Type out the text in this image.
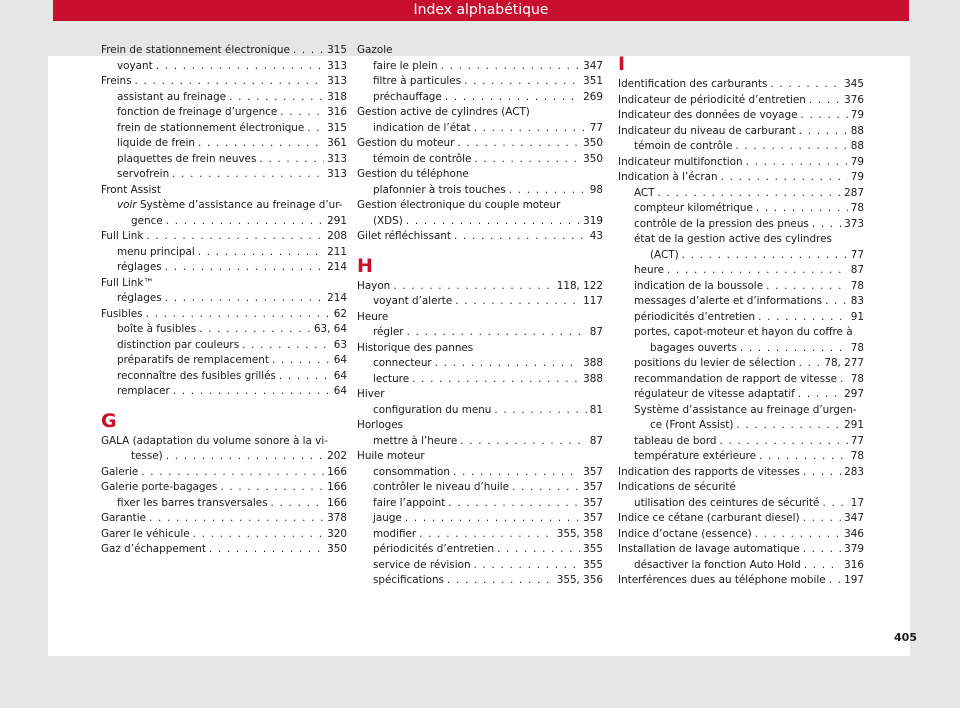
Index alphabétique
Frein de stationnement électronique . . .	315
voyant . . .	313
Freins . . .	313
assistant au freinage . . .	318
fonction de freinage d’urgence . . .	316
frein de stationnement électronique . . . 315
liquide de frein . . .	361
plaquettes de frein neuves . . .	313
servofrein . . .	313
Front Assist
voir Système d’assistance au freinage d’ur-
gence . . .	291
Full Link . . .	208
menu principal . . .	211
réglages . . .	214
Full Link™
réglages . . .	214
Fusibles . . .	62
boîte à fusibles . . .	63, 64
distinction par couleurs . . .	63
préparatifs de remplacement . . .	64
reconnaître des fusibles grillés . . .	64
remplacer . . .	64
G
GALA (adaptation du volume sonore à la vi-
tesse) . . .	202
Galerie . . .	166
Galerie porte-bagages . . .	166
fixer les barres transversales . . .	166
Garantie . . .	378
Garer le véhicule . . .	320
Gaz d’échappement . . .	350
Gazole
faire le plein . . .	347
filtre à particules . . .	351
préchauffage . . .	269
Gestion active de cylindres (ACT)
indication de l’état . . .	77
Gestion du moteur . . .	350
témoin de contrôle . . .	350
Gestion du téléphone
plafonnier à trois touches . . .	98
Gestion électronique du couple moteur
(XDS) . . .	319
Gilet réfléchissant . . .	43
H
Hayon . . .	118, 122
voyant d’alerte . . .	117
Heure
régler . . .	87
Historique des pannes
connecteur . . .	388
lecture . . .	388
Hiver
configuration du menu . . .	81
Horloges
mettre à l’heure . . .	87
Huile moteur
consommation . . .	357
contrôler le niveau d’huile . . .	357
faire l’appoint . . .	357
jauge . . .	357
modifier . . .	355, 358
périodicités d’entretien . . .	355
service de révision . . .	355
spécifications . . .	355, 356
I
Identification des carburants . . .	345
Indicateur de périodicité d’entretien . . .	376
Indicateur des données de voyage . . .	79
Indicateur du niveau de carburant . . .	88
témoin de contrôle . . .	88
Indicateur multifonction . . .	79
Indication à l’écran . . .	79
ACT . . .	287
compteur kilométrique . . .	78
contrôle de la pression des pneus . . .	373
état de la gestion active des cylindres
(ACT) . . .	77
heure . . .	87
indication de la boussole . . .	78
messages d’alerte et d’informations . . .	83
périodicités d’entretien . . .	91
portes, capot-moteur et hayon du coffre à
bagages ouverts . . .	78
positions du levier de sélection . . .	78, 277
recommandation de rapport de vitesse . . . 78
régulateur de vitesse adaptatif . . .	297
Système d’assistance au freinage d’urgen-
ce (Front Assist) . . .	291
tableau de bord . . .	77
température extérieure . . .	78
Indication des rapports de vitesses . . .	283
Indications de sécurité
utilisation des ceintures de sécurité . . .	17
Indice ce cétane (carburant diesel) . . .	347
Indice d’octane (essence) . . .	346
Installation de lavage automatique . . .	379
désactiver la fonction Auto Hold . . .	316
Interférences dues au téléphone mobile . . . 197
405
